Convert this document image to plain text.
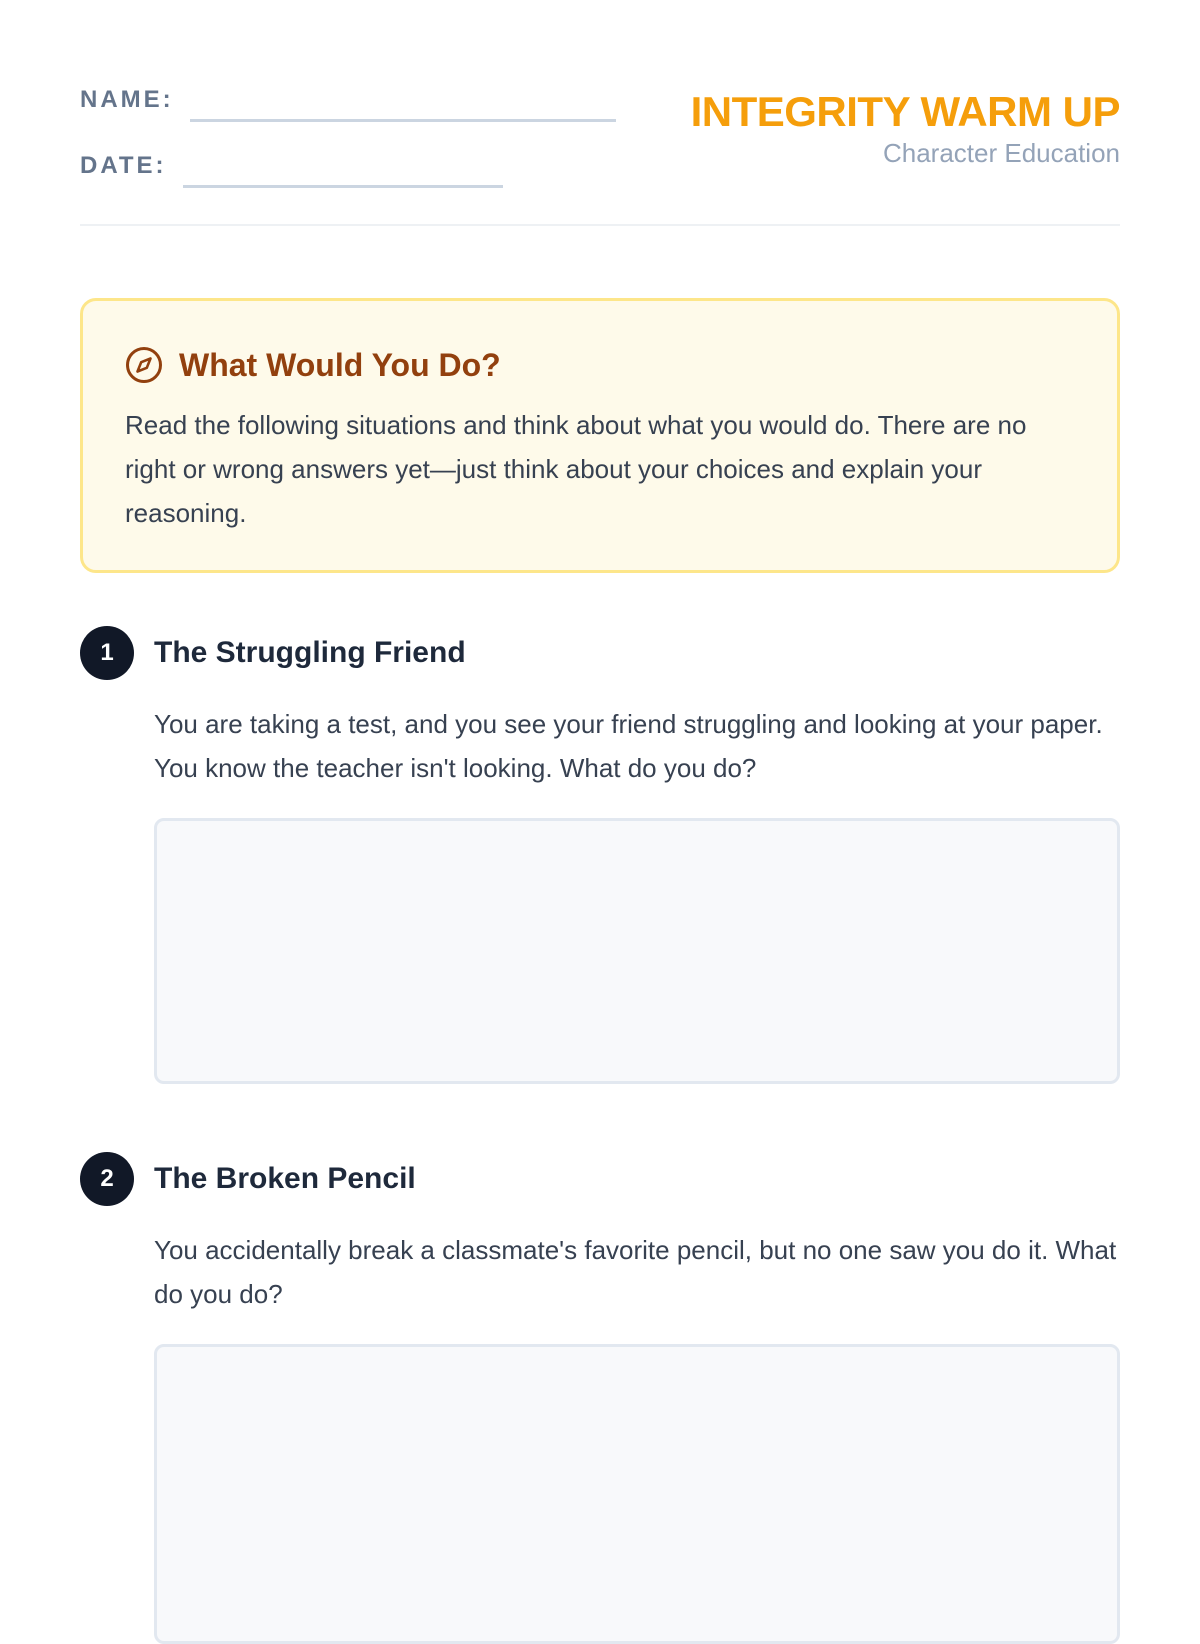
NAME:
DATE:
INTEGRITY WARM UP
Character Education
What Would You Do?
Read the following situations and think about what you would do. There are no right or wrong answers yet—just think about your choices and explain your reasoning.
1	The Struggling Friend
You are taking a test, and you see your friend struggling and looking at your paper. You know the teacher isn't looking. What do you do?
2	The Broken Pencil
You accidentally break a classmate's favorite pencil, but no one saw you do it. What do you do?
